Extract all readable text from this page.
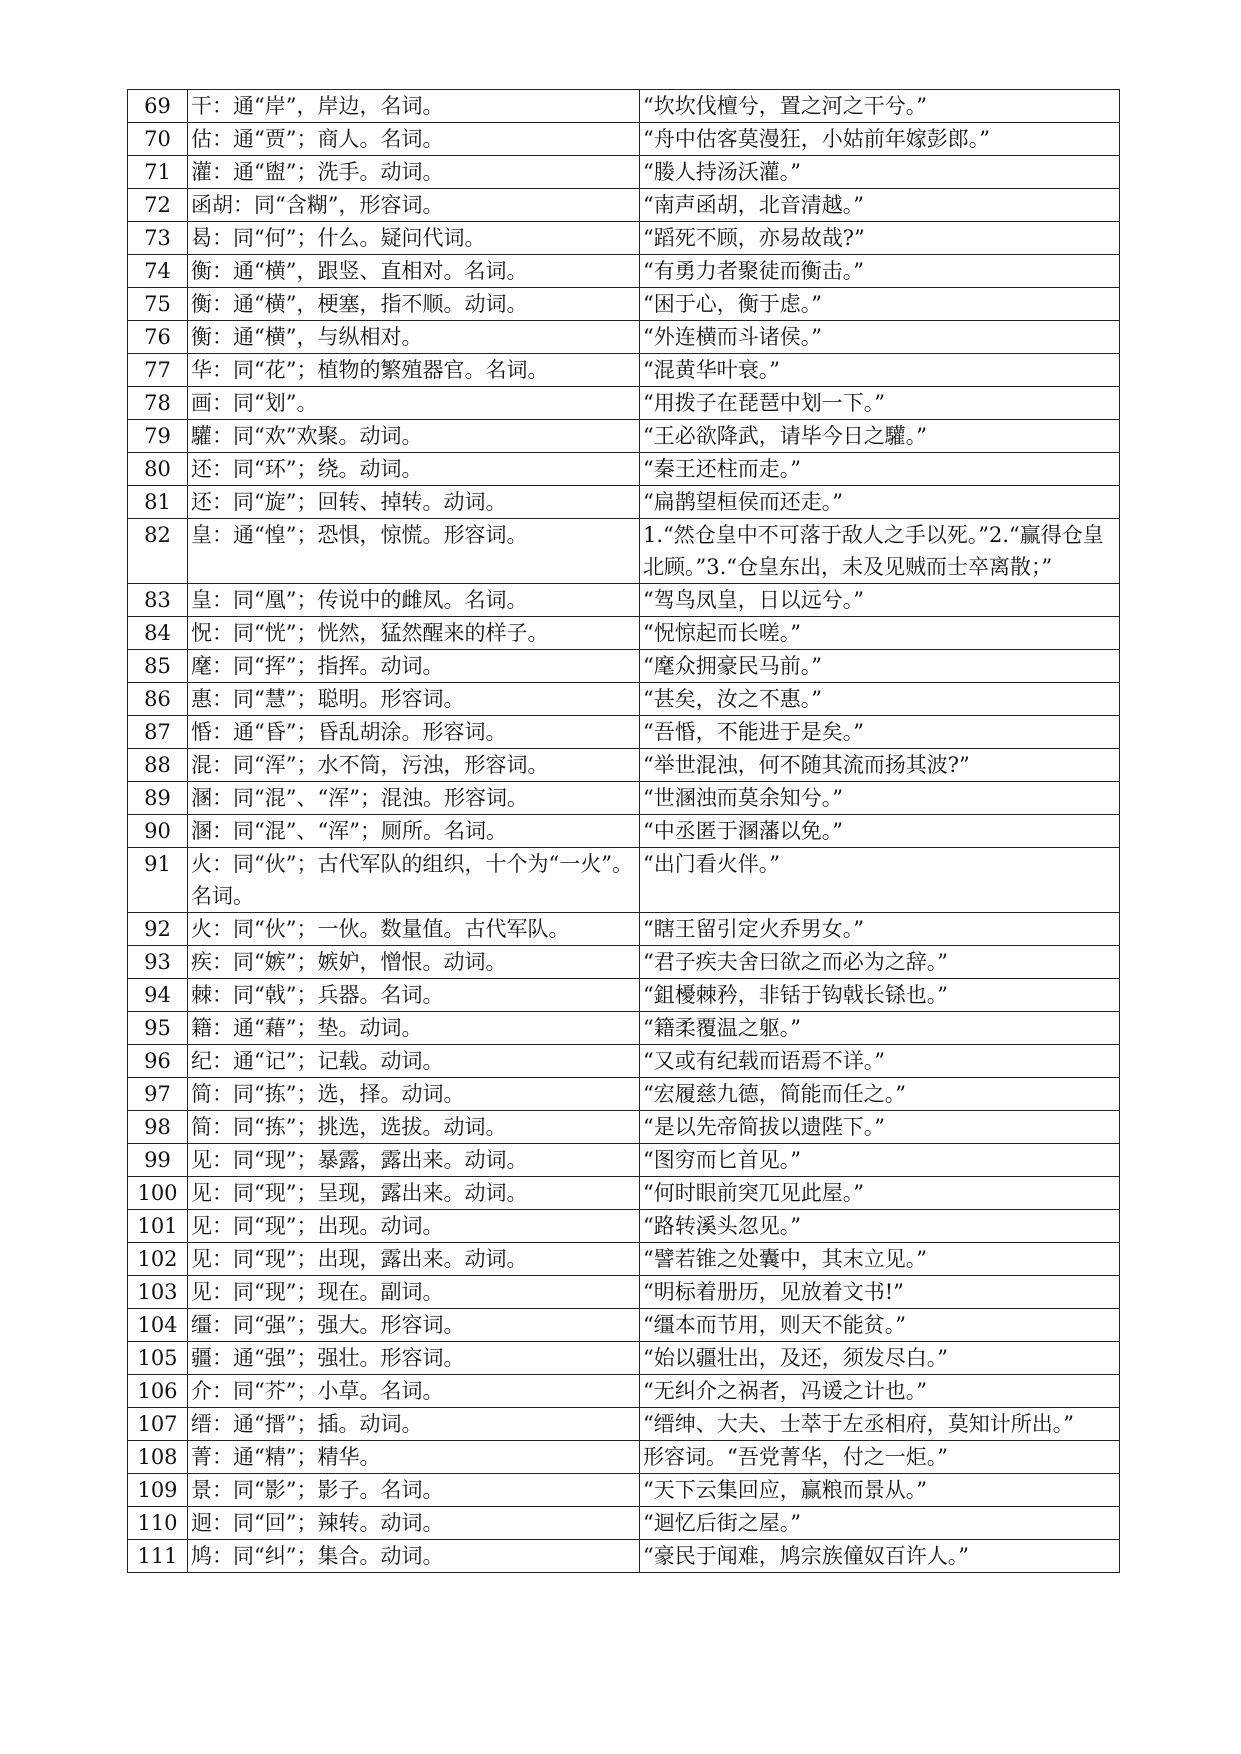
69	干：通“岸”，岸边，名词。	“坎坎伐檀兮，置之河之干兮。”
70	估：通“贾”；商人。名词。	“舟中估客莫漫狂，小姑前年嫁彭郎。”
71	灌：通“盥”；洗手。动词。	“媵人持汤沃灌。”
72	函胡：同“含糊”，形容词。	“南声函胡，北音清越。”
73	曷：同“何”；什么。疑问代词。	“蹈死不顾，亦易故哉?”
74	衡：通“横”，跟竖、直相对。名词。	“有勇力者聚徒而衡击。”
75	衡：通“横”，梗塞，指不顺。动词。	“困于心，衡于虑。”
76	衡：通“横”，与纵相对。	“外连横而斗诸侯。”
77	华：同“花”；植物的繁殖器官。名词。	“混黄华叶衰。”
78	画：同“划”。	“用拨子在琵琶中划一下。”
79	驩：同“欢”欢聚。动词。	“王必欲降武，请毕今日之驩。”
80	还：同“环”；绕。动词。	“秦王还柱而走。”
81	还：同“旋”；回转、掉转。动词。	“扁鹊望桓侯而还走。”
82	皇：通“惶”；恐惧，惊慌。形容词。	1.“然仓皇中不可落于敌人之手以死。”2.“赢得仓皇北顾。”3.“仓皇东出，未及见贼而士卒离散；”
83	皇：同“凰”；传说中的雌凤。名词。	“驾鸟凤皇，日以远兮。”
84	怳：同“恍”；恍然，猛然醒来的样子。	“怳惊起而长嗟。”
85	麾：同“挥”；指挥。动词。	“麾众拥豪民马前。”
86	惠：同“慧”；聪明。形容词。	“甚矣，汝之不惠。”
87	惛：通“昏”；昏乱胡涂。形容词。	“吾惛，不能进于是矣。”
88	混：同“浑”；水不筒，污浊，形容词。	“举世混浊，何不随其流而扬其波?”
89	溷：同“混”、“浑”；混浊。形容词。	“世溷浊而莫余知兮。”
90	溷：同“混”、“浑”；厕所。名词。	“中丞匿于溷藩以免。”
91	火：同“伙”；古代军队的组织，十个为“一火”。名词。	“出门看火伴。”
92	火：同“伙”；一伙。数量值。古代军队。	“瞎王留引定火乔男女。”
93	疾：同“嫉”；嫉妒，憎恨。动词。	“君子疾夫舍曰欲之而必为之辞。”
94	棘：同“戟”；兵器。名词。	“鉏櫌棘矜，非铦于钩戟长铩也。”
95	籍：通“藉”；垫。动词。	“籍柔覆温之躯。”
96	纪：通“记”；记载。动词。	“又或有纪载而语焉不详。”
97	简：同“拣”；选，择。动词。	“宏履慈九德，简能而任之。”
98	简：同“拣”；挑选，选拔。动词。	“是以先帝简拔以遗陛下。”
99	见：同“现”；暴露，露出来。动词。	“图穷而匕首见。”
100	见：同“现”；呈现，露出来。动词。	“何时眼前突兀见此屋。”
101	见：同“现”；出现。动词。	“路转溪头忽见。”
102	见：同“现”；出现，露出来。动词。	“譬若锥之处囊中，其末立见。”
103	见：同“现”；现在。副词。	“明标着册历，见放着文书!”
104	缰：同“强”；强大。形容词。	“缰本而节用，则天不能贫。”
105	疆：通“强”；强壮。形容词。	“始以疆壮出，及还，须发尽白。”
106	介：同“芥”；小草。名词。	“无纠介之祸者，冯谖之计也。”
107	缙：通“搢”；插。动词。	“缙绅、大夫、士萃于左丞相府，莫知计所出。”
108	菁：通“精”；精华。	形容词。“吾党菁华，付之一炬。”
109	景：同“影”；影子。名词。	“天下云集回应，赢粮而景从。”
110	迥：同“回”；辣转。动词。	“迴忆后街之屋。”
111	鸠：同“纠”；集合。动词。	“豪民于闻难，鸠宗族僮奴百许人。”
